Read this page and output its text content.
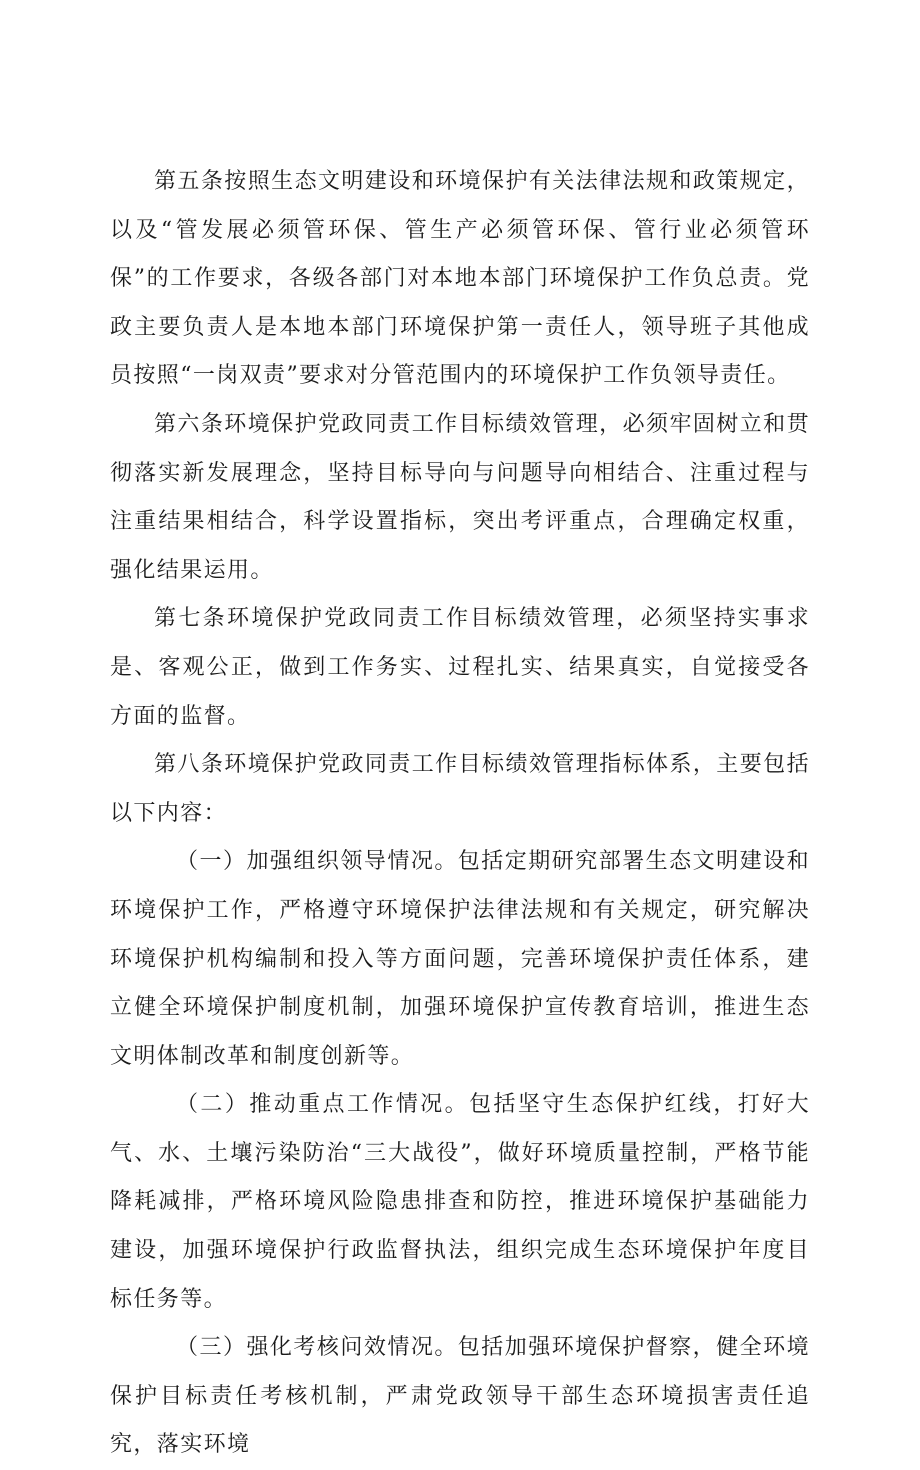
第五条按照生态文明建设和环境保护有关法律法规和政策规定，以及“管发展必须管环保、管生产必须管环保、管行业必须管环保”的工作要求，各级各部门对本地本部门环境保护工作负总责。党政主要负责人是本地本部门环境保护第一责任人，领导班子其他成员按照“一岗双责”要求对分管范围内的环境保护工作负领导责任。

第六条环境保护党政同责工作目标绩效管理，必须牢固树立和贯彻落实新发展理念，坚持目标导向与问题导向相结合、注重过程与注重结果相结合，科学设置指标，突出考评重点，合理确定权重，强化结果运用。

第七条环境保护党政同责工作目标绩效管理，必须坚持实事求是、客观公正，做到工作务实、过程扎实、结果真实，自觉接受各方面的监督。

第八条环境保护党政同责工作目标绩效管理指标体系，主要包括以下内容：

（一）加强组织领导情况。包括定期研究部署生态文明建设和环境保护工作，严格遵守环境保护法律法规和有关规定，研究解决环境保护机构编制和投入等方面问题，完善环境保护责任体系，建立健全环境保护制度机制，加强环境保护宣传教育培训，推进生态文明体制改革和制度创新等。

（二）推动重点工作情况。包括坚守生态保护红线，打好大气、水、土壤污染防治“三大战役”，做好环境质量控制，严格节能降耗减排，严格环境风险隐患排查和防控，推进环境保护基础能力建设，加强环境保护行政监督执法，组织完成生态环境保护年度目标任务等。

（三）强化考核问效情况。包括加强环境保护督察，健全环境保护目标责任考核机制，严肃党政领导干部生态环境损害责任追究，落实环境
